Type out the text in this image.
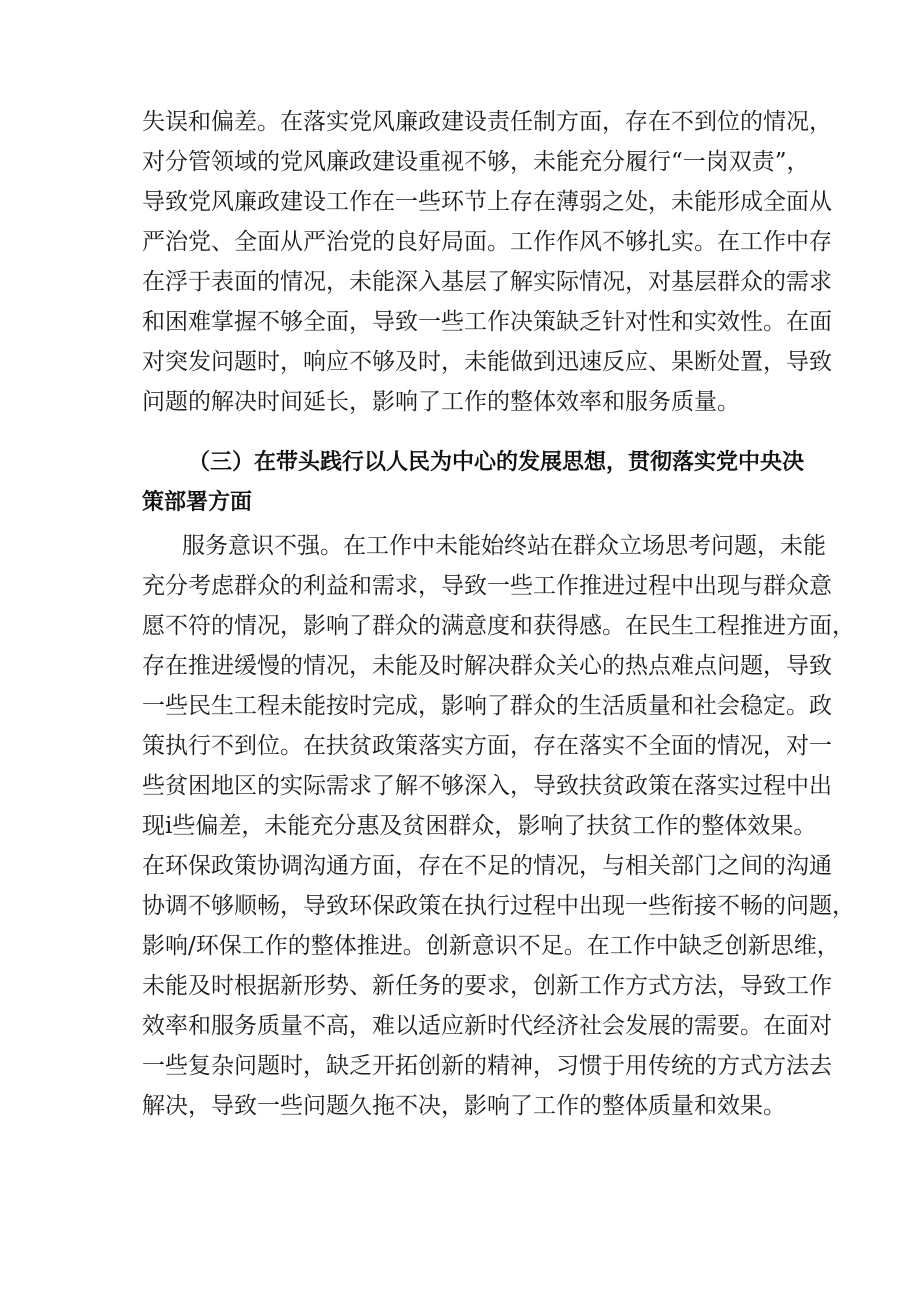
失误和偏差。在落实党风廉政建设责任制方面，存在不到位的情况，
对分管领域的党风廉政建设重视不够，未能充分履行“一岗双责”，
导致党风廉政建设工作在一些环节上存在薄弱之处，未能形成全面从
严治党、全面从严治党的良好局面。工作作风不够扎实。在工作中存
在浮于表面的情况，未能深入基层了解实际情况，对基层群众的需求
和困难掌握不够全面，导致一些工作决策缺乏针对性和实效性。在面
对突发问题时，响应不够及时，未能做到迅速反应、果断处置，导致
问题的解决时间延长，影响了工作的整体效率和服务质量。
（三）在带头践行以人民为中心的发展思想，贯彻落实党中央决
策部署方面
服务意识不强。在工作中未能始终站在群众立场思考问题，未能
充分考虑群众的利益和需求，导致一些工作推进过程中出现与群众意
愿不符的情况，影响了群众的满意度和获得感。在民生工程推进方面，
存在推进缓慢的情况，未能及时解决群众关心的热点难点问题，导致
一些民生工程未能按时完成，影响了群众的生活质量和社会稳定。政
策执行不到位。在扶贫政策落实方面，存在落实不全面的情况，对一
些贫困地区的实际需求了解不够深入，导致扶贫政策在落实过程中出
现i些偏差，未能充分惠及贫困群众，影响了扶贫工作的整体效果。
在环保政策协调沟通方面，存在不足的情况，与相关部门之间的沟通
协调不够顺畅，导致环保政策在执行过程中出现一些衔接不畅的问题，
影响/环保工作的整体推进。创新意识不足。在工作中缺乏创新思维，
未能及时根据新形势、新任务的要求，创新工作方式方法，导致工作
效率和服务质量不高，难以适应新时代经济社会发展的需要。在面对
一些复杂问题时，缺乏开拓创新的精神，习惯于用传统的方式方法去
解决，导致一些问题久拖不决，影响了工作的整体质量和效果。
